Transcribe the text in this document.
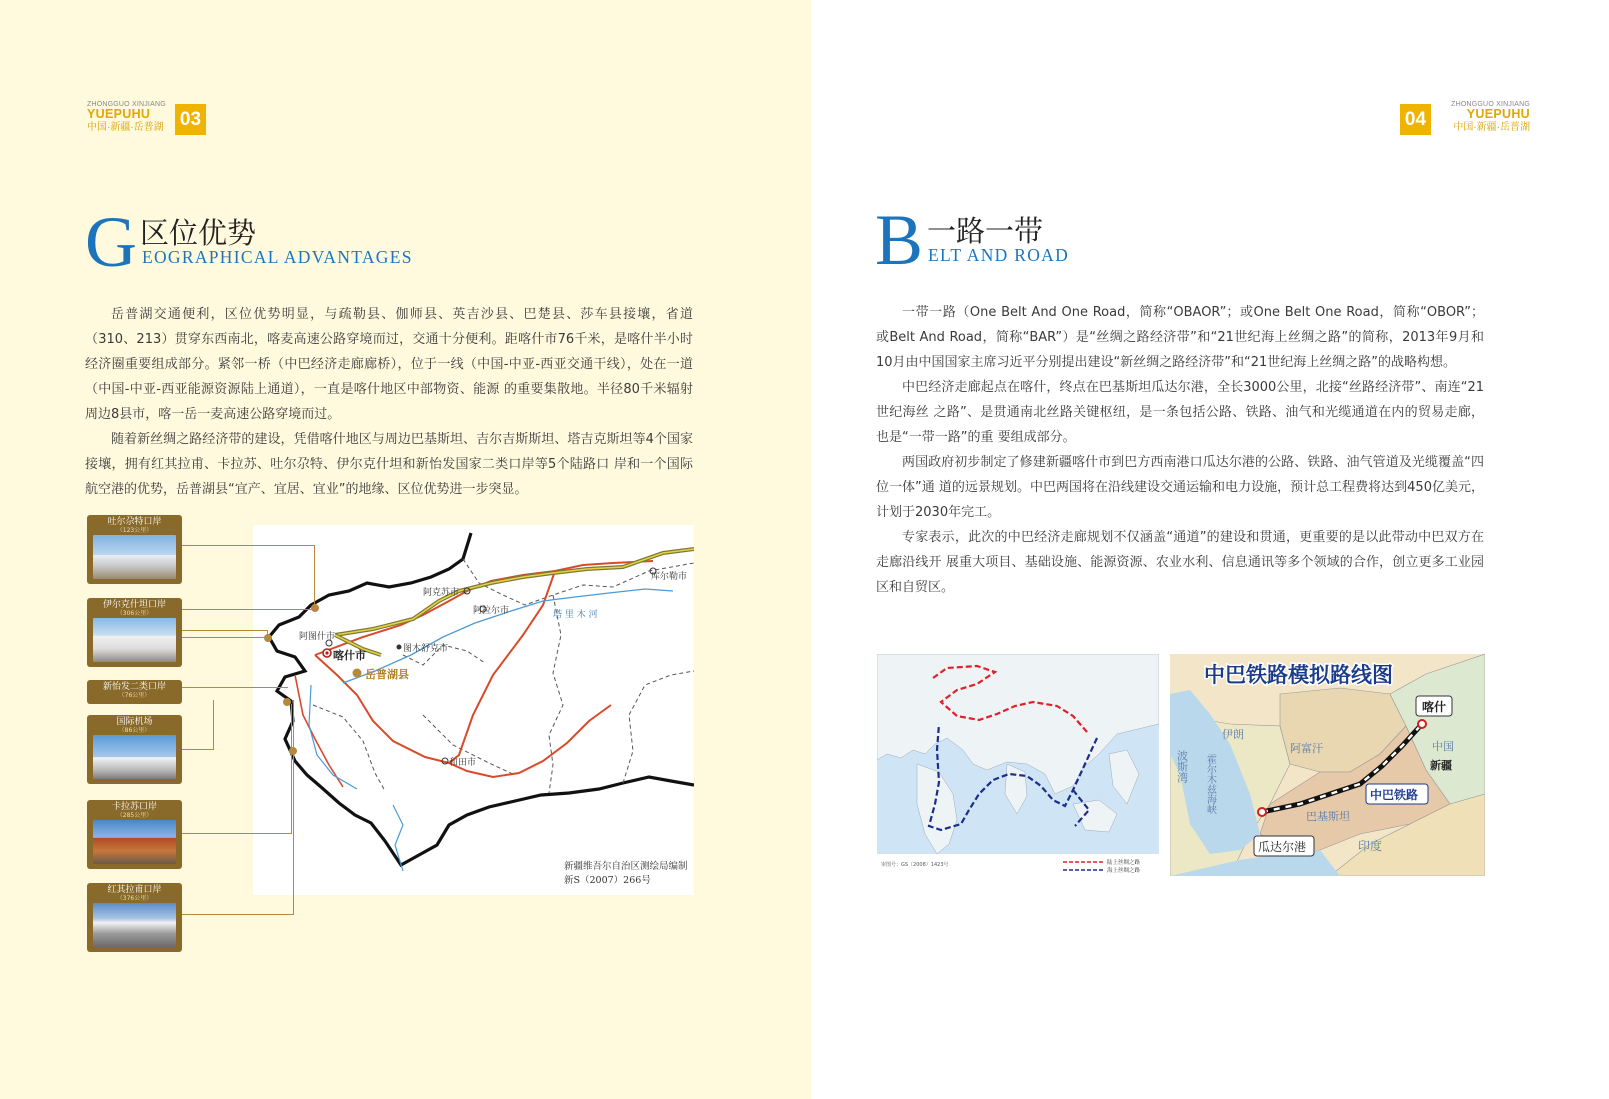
ZHONGGUO XINJIANG
YUEPUHU
中国·新疆·岳普湖 03
G 区位优势
EOGRAPHICAL ADVANTAGES

岳普湖交通便利，区位优势明显，与疏勒县、伽师县、英吉沙县、巴楚县、莎车县接壤，省道（310、213）贯穿东西南北，喀麦高速公路穿境而过，交通十分便利。距喀什市76千米，是喀什半小时经济圈重要组成部分。紧邻一桥（中巴经济走廊廊桥），位于一线（中国-中亚-西亚交通干线），处在一道（中国-中亚-西亚能源资源陆上通道），一直是喀什地区中部物资、能源 的重要集散地。半径80千米辐射周边8县市，喀一岳一麦高速公路穿境而过。

随着新丝绸之路经济带的建设，凭借喀什地区与周边巴基斯坦、吉尔吉斯斯坦、塔吉克斯坦等4个国家接壤，拥有红其拉甫、卡拉苏、吐尔尕特、伊尔克什坦和新怡发国家二类口岸等5个陆路口 岸和一个国际航空港的优势，岳普湖县“宜产、宜居、宜业”的地缘、区位优势进一步突显。

库尔勒市
阿克苏市
阿拉尔市	塔 里 木 河
阿图什市
喀什市	图木舒克市
岳普湖县
和田市
新疆维吾尔自治区测绘局编制
新S（2007）266号
吐尔尕特口岸
（123公里）
伊尔克什坦口岸
（306公里）
新怡发二类口岸
（76公里）
国际机场
（86公里）
卡拉苏口岸
（285公里）
红其拉甫口岸
（376公里）
04
ZHONGGUO XINJIANG
YUEPUHU
中国·新疆·岳普湖
B 一路一带
ELT AND ROAD

一带一路（One Belt And One Road，简称“OBAOR”；或One Belt One Road，简称“OBOR”；或Belt And Road，简称“BAR”）是“丝绸之路经济带”和“21世纪海上丝绸之路”的简称，2013年9月和10月由中国国家主席习近平分别提出建设“新丝绸之路经济带”和“21世纪海上丝绸之路”的战略构想。

中巴经济走廊起点在喀什，终点在巴基斯坦瓜达尔港，全长3000公里，北接“丝路经济带”、南连“21世纪海丝 之路”、是贯通南北丝路关键枢纽，是一条包括公路、铁路、油气和光缆通道在内的贸易走廊，也是“一带一路”的重 要组成部分。

两国政府初步制定了修建新疆喀什市到巴方西南港口瓜达尔港的公路、铁路、油气管道及光缆覆盖“四位一体”通 道的远景规划。中巴两国将在沿线建设交通运输和电力设施，预计总工程费将达到450亿美元，计划于2030年完工。

专家表示，此次的中巴经济走廊规划不仅涵盖“通道”的建设和贯通，更重要的是以此带动中巴双方在走廊沿线开 展重大项目、基础设施、能源资源、农业水利、信息通讯等多个领域的合作，创立更多工业园区和自贸区。

审图号：GS（2008）1423号	陆上丝绸之路
海上丝绸之路
中巴铁路模拟路线图
喀什
中国
新疆
伊朗
阿富汗
巴基斯坦
印度
波斯湾 霍尔木兹海峡	中巴铁路
瓜达尔港
